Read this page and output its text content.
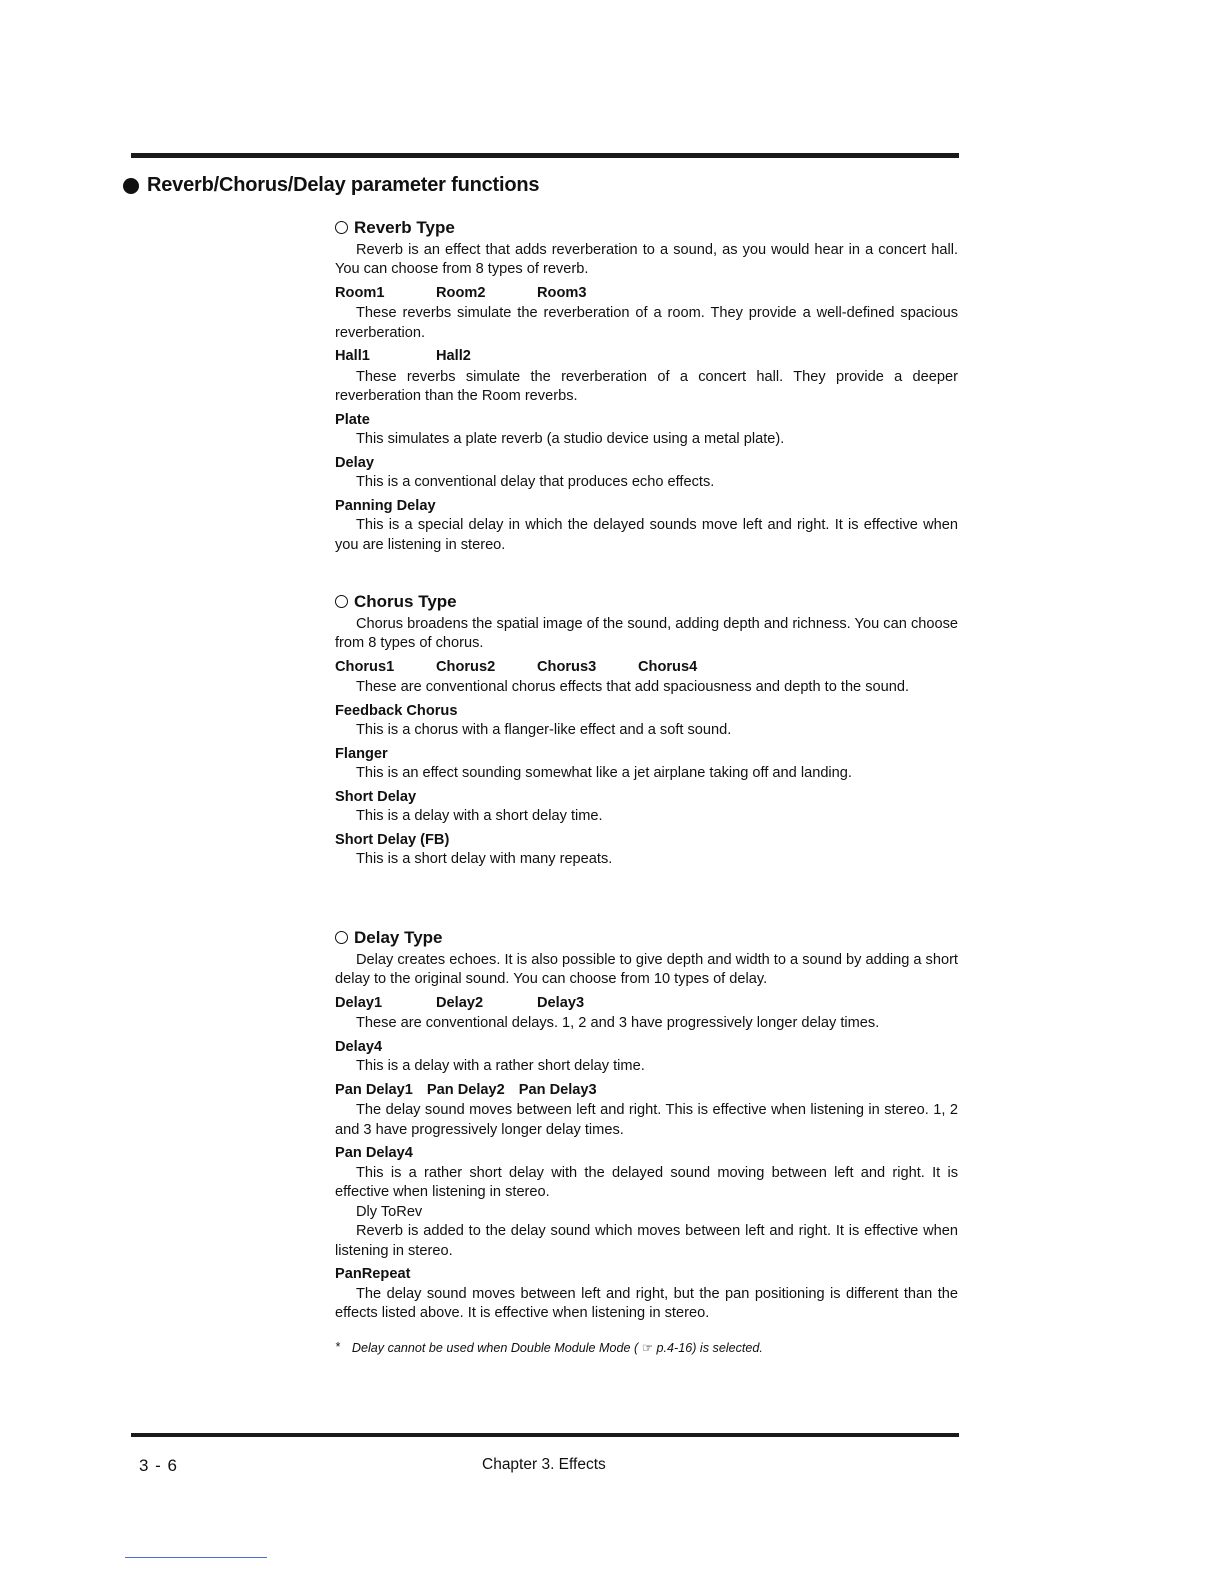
Reverb/Chorus/Delay parameter functions
Reverb Type

Reverb is an effect that adds reverberation to a sound, as you would hear in a concert hall. You can choose from 8 types of reverb.

Room1	Room2	Room3

These reverbs simulate the reverberation of a room. They provide a well-defined spacious reverberation.

Hall1	Hall2

These reverbs simulate the reverberation of a concert hall. They provide a deeper reverberation than the Room reverbs.

Plate

This simulates a plate reverb (a studio device using a metal plate).

Delay

This is a conventional delay that produces echo effects.

Panning Delay

This is a special delay in which the delayed sounds move left and right. It is effective when you are listening in stereo.

Chorus Type

Chorus broadens the spatial image of the sound, adding depth and richness. You can choose from 8 types of chorus.

Chorus1	Chorus2	Chorus3	Chorus4

These are conventional chorus effects that add spaciousness and depth to the sound.

Feedback Chorus

This is a chorus with a flanger-like effect and a soft sound.

Flanger

This is an effect sounding somewhat like a jet airplane taking off and landing.

Short Delay

This is a delay with a short delay time.

Short Delay (FB)

This is a short delay with many repeats.

Delay Type

Delay creates echoes. It is also possible to give depth and width to a sound by adding a short delay to the original sound. You can choose from 10 types of delay.

Delay1	Delay2	Delay3

These are conventional delays. 1, 2 and 3 have progressively longer delay times.

Delay4

This is a delay with a rather short delay time.

Pan Delay1 Pan Delay2 Pan Delay3

The delay sound moves between left and right. This is effective when listening in stereo. 1, 2 and 3 have progressively longer delay times.

Pan Delay4

This is a rather short delay with the delayed sound moving between left and right. It is effective when listening in stereo.

Dly ToRev

Reverb is added to the delay sound which moves between left and right. It is effective when listening in stereo.

PanRepeat

The delay sound moves between left and right, but the pan positioning is different than the effects listed above. It is effective when listening in stereo.

* Delay cannot be used when Double Module Mode ( ☞ p.4-16) is selected.
3 - 6	Chapter 3. Effects
